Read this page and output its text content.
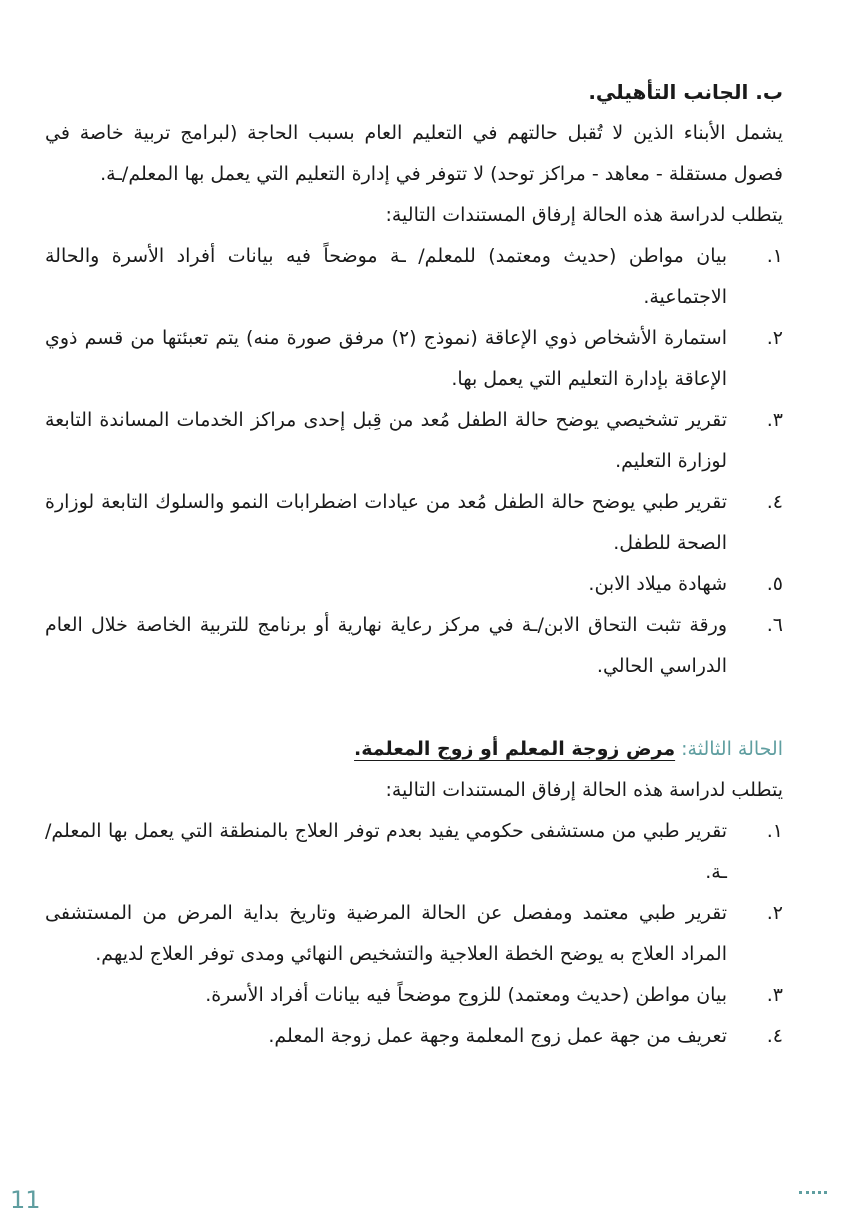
ب. الجانب التأهيلي.

يشمل الأبناء الذين لا تُقبل حالتهم في التعليم العام بسبب الحاجة (لبرامج تربية خاصة في فصول مستقلة - معاهد - مراكز توحد) لا تتوفر في إدارة التعليم التي يعمل بها المعلم/ـة.

يتطلب لدراسة هذه الحالة إرفاق المستندات التالية:

١.
بيان مواطن (حديث ومعتمد) للمعلم/ ـة موضحاً فيه بيانات أفراد الأسرة والحالة الاجتماعية.
٢.
استمارة الأشخاص ذوي الإعاقة (نموذج (٢) مرفق صورة منه) يتم تعبئتها من قسم ذوي الإعاقة بإدارة التعليم التي يعمل بها.
٣.
تقرير تشخيصي يوضح حالة الطفل مُعد من قِبل إحدى مراكز الخدمات المساندة التابعة لوزارة التعليم.
٤.
تقرير طبي يوضح حالة الطفل مُعد من عيادات اضطرابات النمو والسلوك التابعة لوزارة الصحة للطفل.
٥.
شهادة ميلاد الابن.
٦.
ورقة تثبت التحاق الابن/ـة في مركز رعاية نهارية أو برنامج للتربية الخاصة خلال العام الدراسي الحالي.

الحالة الثالثة: مرض زوجة المعلم أو زوج المعلمة.

يتطلب لدراسة هذه الحالة إرفاق المستندات التالية:

١.
تقرير طبي من مستشفى حكومي يفيد بعدم توفر العلاج بالمنطقة التي يعمل بها المعلم/ ـة.
٢.
تقرير طبي معتمد ومفصل عن الحالة المرضية وتاريخ بداية المرض من المستشفى المراد العلاج به يوضح الخطة العلاجية والتشخيص النهائي ومدى توفر العلاج لديهم.
٣.
بيان مواطن (حديث ومعتمد) للزوج موضحاً فيه بيانات أفراد الأسرة.
٤.
تعريف من جهة عمل زوج المعلمة وجهة عمل زوجة المعلم.
11
